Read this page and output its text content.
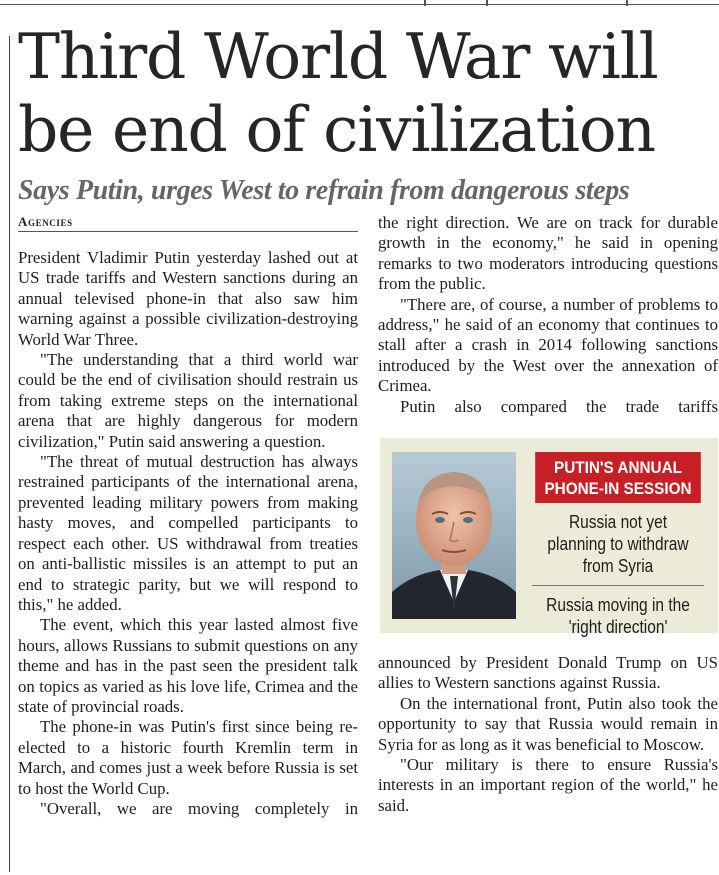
Third World War will
be end of civilization
Says Putin, urges West to refrain from dangerous steps
Agencies

President Vladimir Putin yesterday lashed out at US trade tariffs and Western sanctions during an annual televised phone-in that also saw him warning against a possible civilization-destroying World War Three.

"The understanding that a third world war could be the end of civilisation should restrain us from taking extreme steps on the international arena that are highly dangerous for modern civilization," Putin said answering a question.

"The threat of mutual destruction has always restrained participants of the international arena, prevented leading military powers from making hasty moves, and compelled participants to respect each other. US withdrawal from treaties on anti-ballistic missiles is an attempt to put an end to strategic parity, but we will respond to this," he added.

The event, which this year lasted almost five hours, allows Russians to submit questions on any theme and has in the past seen the president talk on topics as varied as his love life, Crimea and the state of provincial roads.

The phone-in was Putin's first since being re-elected to a historic fourth Kremlin term in March, and comes just a week before Russia is set to host the World Cup.

"Overall, we are moving completely in

the right direction. We are on track for durable growth in the economy," he said in opening remarks to two moderators introducing questions from the public.

"There are, of course, a number of problems to address," he said of an economy that continues to stall after a crash in 2014 following sanctions introduced by the West over the annexation of Crimea.

Putin also compared the trade tariffs

PUTIN'S ANNUAL
PHONE-IN SESSION
Russia not yet planning to withdraw from Syria
Russia moving in the 'right direction'

announced by President Donald Trump on US allies to Western sanctions against Russia.

On the international front, Putin also took the opportunity to say that Russia would remain in Syria for as long as it was beneficial to Moscow.

"Our military is there to ensure Russia's interests in an important region of the world," he said.
